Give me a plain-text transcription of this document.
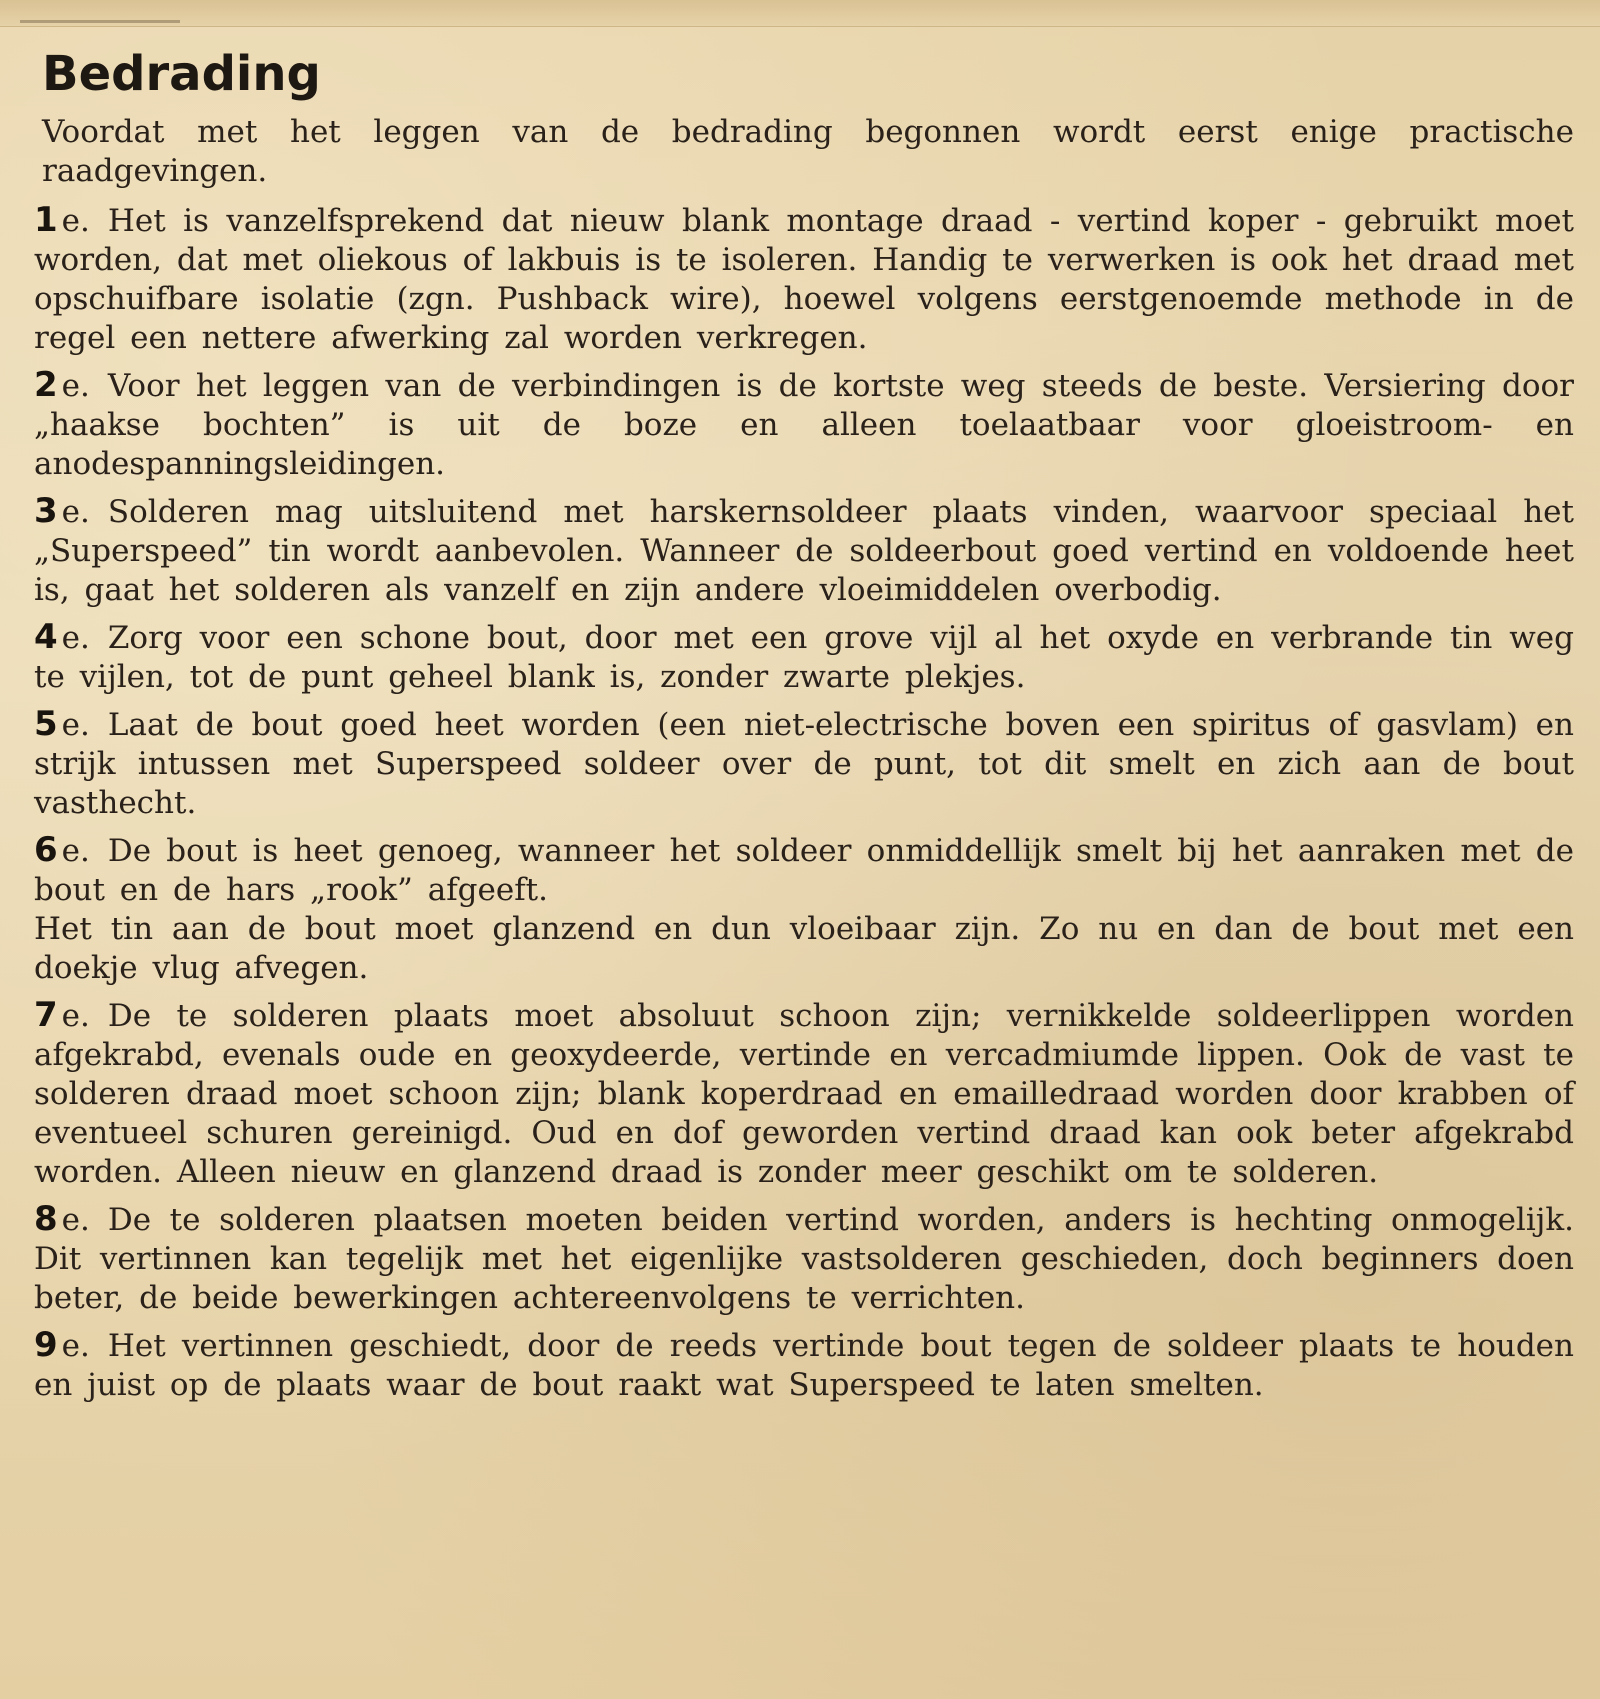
Bedrading

Voordat met het leggen van de bedrading begonnen wordt eerst enige practische raadgevingen.

1 e. Het is vanzelfsprekend dat nieuw blank montage draad - vertind koper - gebruikt moet worden, dat met oliekous of lakbuis is te isoleren. Handig te verwerken is ook het draad met opschuifbare isolatie (zgn. Pushback wire), hoewel volgens eerstgenoemde methode in de regel een nettere afwerking zal worden verkregen.

2 e. Voor het leggen van de verbindingen is de kortste weg steeds de beste. Versiering door „haakse bochten” is uit de boze en alleen toelaatbaar voor gloeistroom- en anodespanningsleidingen.

3 e. Solderen mag uitsluitend met harskernsoldeer plaats vinden, waarvoor speciaal het „Superspeed” tin wordt aanbevolen. Wanneer de soldeerbout goed vertind en voldoende heet is, gaat het solderen als vanzelf en zijn andere vloeimiddelen overbodig.

4 e. Zorg voor een schone bout, door met een grove vijl al het oxyde en verbrande tin weg te vijlen, tot de punt geheel blank is, zonder zwarte plekjes.

5 e. Laat de bout goed heet worden (een niet-electrische boven een spiritus of gasvlam) en strijk intussen met Superspeed soldeer over de punt, tot dit smelt en zich aan de bout vasthecht.

6 e. De bout is heet genoeg, wanneer het soldeer onmiddellijk smelt bij het aanraken met de bout en de hars „rook” afgeeft.

Het tin aan de bout moet glanzend en dun vloeibaar zijn. Zo nu en dan de bout met een doekje vlug afvegen.

7 e. De te solderen plaats moet absoluut schoon zijn; vernikkelde soldeerlippen worden afgekrabd, evenals oude en geoxydeerde, vertinde en vercadmiumde lippen. Ook de vast te solderen draad moet schoon zijn; blank koperdraad en emailledraad worden door krabben of eventueel schuren gereinigd. Oud en dof geworden vertind draad kan ook beter afgekrabd worden. Alleen nieuw en glanzend draad is zonder meer geschikt om te solderen.

8 e. De te solderen plaatsen moeten beiden vertind worden, anders is hechting onmogelijk. Dit vertinnen kan tegelijk met het eigenlijke vastsolderen geschieden, doch beginners doen beter, de beide bewerkingen achtereenvolgens te verrichten.

9 e. Het vertinnen geschiedt, door de reeds vertinde bout tegen de soldeer plaats te houden en juist op de plaats waar de bout raakt wat Superspeed te laten smelten.
